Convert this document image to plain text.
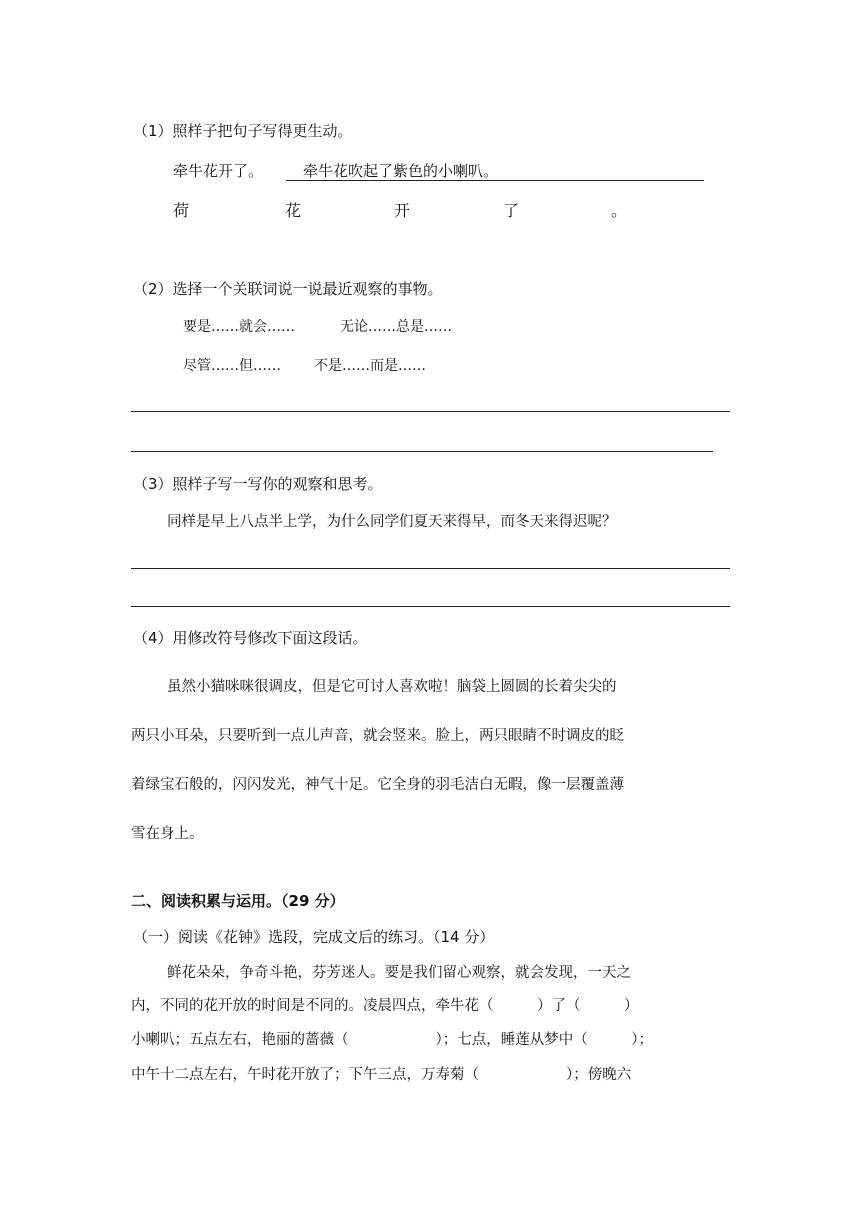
（1）照样子把句子写得更生动。
牵牛花开了。	牵牛花吹起了紫色的小喇叭。
荷	花	开	了	。
（2）选择一个关联词说一说最近观察的事物。
要是……就会……	无论……总是……
尽管……但…… 不是……而是……
（3）照样子写一写你的观察和思考。
同样是早上八点半上学，为什么同学们夏天来得早，而冬天来得迟呢？
（4）用修改符号修改下面这段话。
虽然小猫咪咪很调皮，但是它可讨人喜欢啦！脑袋上圆圆的长着尖尖的
两只小耳朵，只要听到一点儿声音，就会竖来。脸上，两只眼睛不时调皮的眨
着绿宝石般的，闪闪发光，神气十足。它全身的羽毛洁白无暇，像一层覆盖薄
雪在身上。
二、阅读积累与运用。（29 分）
（一）阅读《花钟》选段，完成文后的练习。（14 分）
鲜花朵朵，争奇斗艳，芬芳迷人。要是我们留心观察，就会发现，一天之
内，不同的花开放的时间是不同的。凌晨四点，牵牛花（　　　）了（　　　）
小喇叭；五点左右，艳丽的蔷薇（　　　　　　）；七点，睡莲从梦中（　　　）；
中午十二点左右，午时花开放了；下午三点，万寿菊（　　　　　　）；傍晚六
